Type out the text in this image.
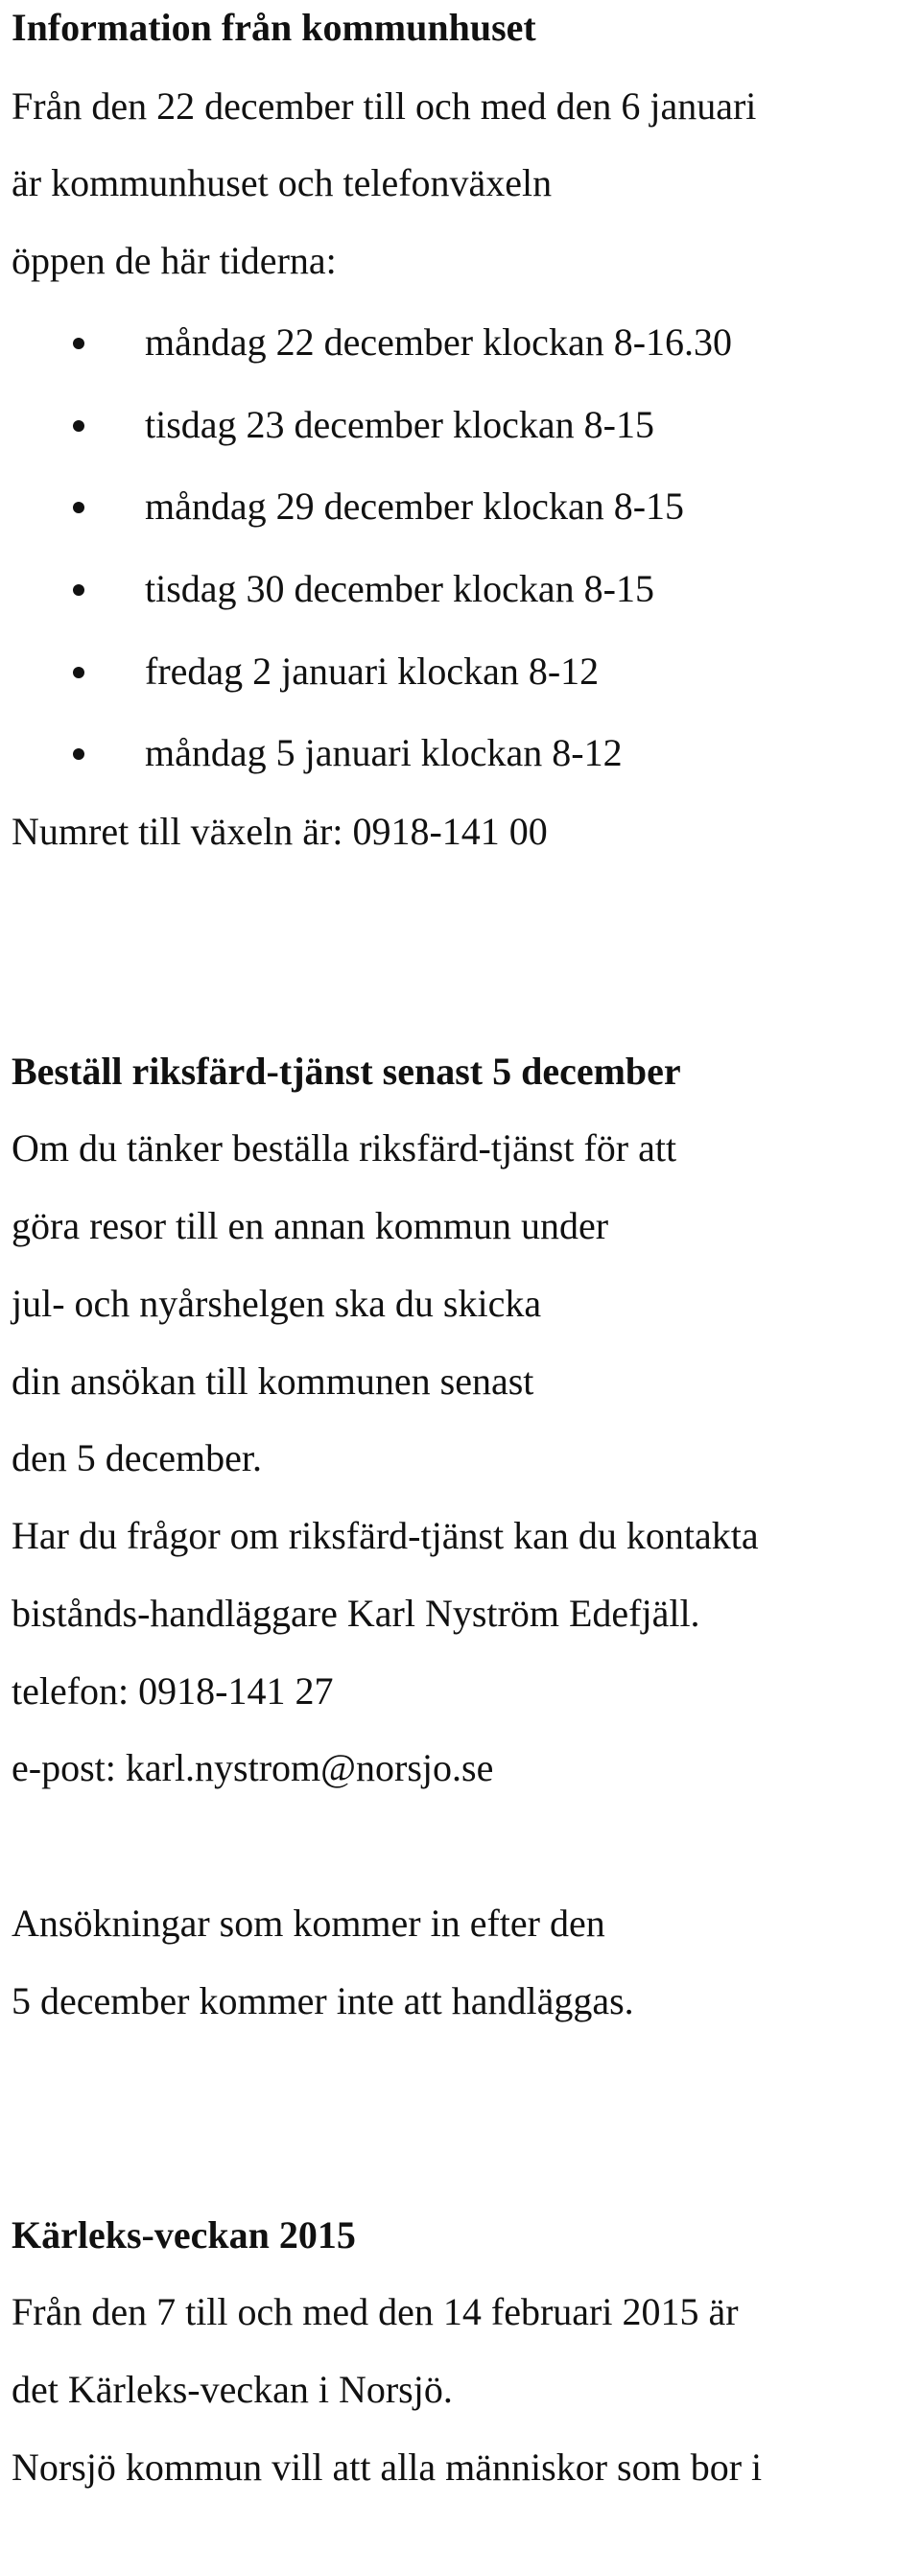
Information från kommunhuset
Från den 22 december till och med den 6 januari
är kommunhuset och telefonväxeln
öppen de här tiderna:
måndag 22 december klockan 8-16.30
tisdag 23 december klockan 8-15
måndag 29 december klockan 8-15
tisdag 30 december klockan 8-15
fredag 2 januari klockan 8-12
måndag 5 januari klockan 8-12
Numret till växeln är: 0918-141 00
Beställ riksfärd-tjänst senast 5 december
Om du tänker beställa riksfärd-tjänst för att
göra resor till en annan kommun under
jul- och nyårshelgen ska du skicka
din ansökan till kommunen senast
den 5 december.
Har du frågor om riksfärd-tjänst kan du kontakta
bistånds-handläggare Karl Nyström Edefjäll.
telefon: 0918-141 27
e-post: karl.nystrom@norsjo.se
Ansökningar som kommer in efter den
5 december kommer inte att handläggas.
Kärleks-veckan 2015
Från den 7 till och med den 14 februari 2015 är
det Kärleks-veckan i Norsjö.
Norsjö kommun vill att alla människor som bor i
